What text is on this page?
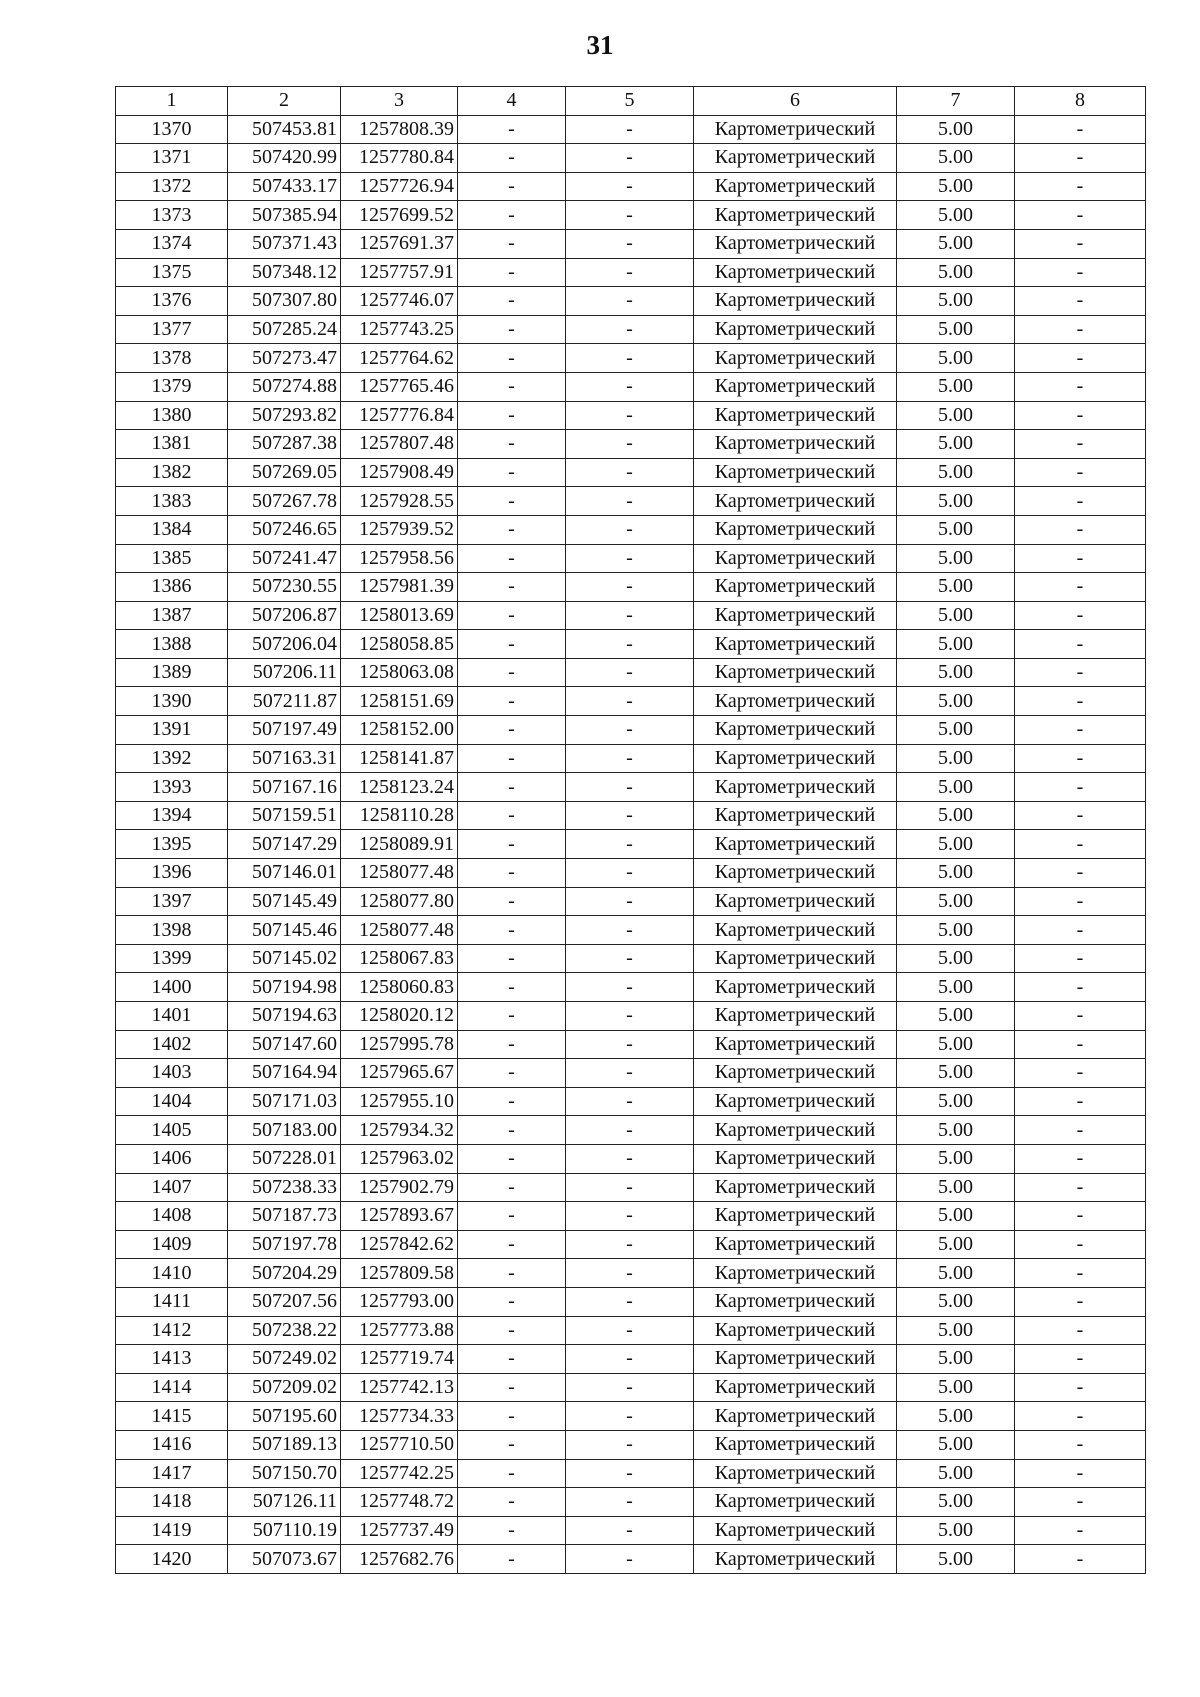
31
1	2	3	4	5	6	7	8
1370	507453.81	1257808.39	-	-	Картометрический	5.00	-
1371	507420.99	1257780.84	-	-	Картометрический	5.00	-
1372	507433.17	1257726.94	-	-	Картометрический	5.00	-
1373	507385.94	1257699.52	-	-	Картометрический	5.00	-
1374	507371.43	1257691.37	-	-	Картометрический	5.00	-
1375	507348.12	1257757.91	-	-	Картометрический	5.00	-
1376	507307.80	1257746.07	-	-	Картометрический	5.00	-
1377	507285.24	1257743.25	-	-	Картометрический	5.00	-
1378	507273.47	1257764.62	-	-	Картометрический	5.00	-
1379	507274.88	1257765.46	-	-	Картометрический	5.00	-
1380	507293.82	1257776.84	-	-	Картометрический	5.00	-
1381	507287.38	1257807.48	-	-	Картометрический	5.00	-
1382	507269.05	1257908.49	-	-	Картометрический	5.00	-
1383	507267.78	1257928.55	-	-	Картометрический	5.00	-
1384	507246.65	1257939.52	-	-	Картометрический	5.00	-
1385	507241.47	1257958.56	-	-	Картометрический	5.00	-
1386	507230.55	1257981.39	-	-	Картометрический	5.00	-
1387	507206.87	1258013.69	-	-	Картометрический	5.00	-
1388	507206.04	1258058.85	-	-	Картометрический	5.00	-
1389	507206.11	1258063.08	-	-	Картометрический	5.00	-
1390	507211.87	1258151.69	-	-	Картометрический	5.00	-
1391	507197.49	1258152.00	-	-	Картометрический	5.00	-
1392	507163.31	1258141.87	-	-	Картометрический	5.00	-
1393	507167.16	1258123.24	-	-	Картометрический	5.00	-
1394	507159.51	1258110.28	-	-	Картометрический	5.00	-
1395	507147.29	1258089.91	-	-	Картометрический	5.00	-
1396	507146.01	1258077.48	-	-	Картометрический	5.00	-
1397	507145.49	1258077.80	-	-	Картометрический	5.00	-
1398	507145.46	1258077.48	-	-	Картометрический	5.00	-
1399	507145.02	1258067.83	-	-	Картометрический	5.00	-
1400	507194.98	1258060.83	-	-	Картометрический	5.00	-
1401	507194.63	1258020.12	-	-	Картометрический	5.00	-
1402	507147.60	1257995.78	-	-	Картометрический	5.00	-
1403	507164.94	1257965.67	-	-	Картометрический	5.00	-
1404	507171.03	1257955.10	-	-	Картометрический	5.00	-
1405	507183.00	1257934.32	-	-	Картометрический	5.00	-
1406	507228.01	1257963.02	-	-	Картометрический	5.00	-
1407	507238.33	1257902.79	-	-	Картометрический	5.00	-
1408	507187.73	1257893.67	-	-	Картометрический	5.00	-
1409	507197.78	1257842.62	-	-	Картометрический	5.00	-
1410	507204.29	1257809.58	-	-	Картометрический	5.00	-
1411	507207.56	1257793.00	-	-	Картометрический	5.00	-
1412	507238.22	1257773.88	-	-	Картометрический	5.00	-
1413	507249.02	1257719.74	-	-	Картометрический	5.00	-
1414	507209.02	1257742.13	-	-	Картометрический	5.00	-
1415	507195.60	1257734.33	-	-	Картометрический	5.00	-
1416	507189.13	1257710.50	-	-	Картометрический	5.00	-
1417	507150.70	1257742.25	-	-	Картометрический	5.00	-
1418	507126.11	1257748.72	-	-	Картометрический	5.00	-
1419	507110.19	1257737.49	-	-	Картометрический	5.00	-
1420	507073.67	1257682.76	-	-	Картометрический	5.00	-
